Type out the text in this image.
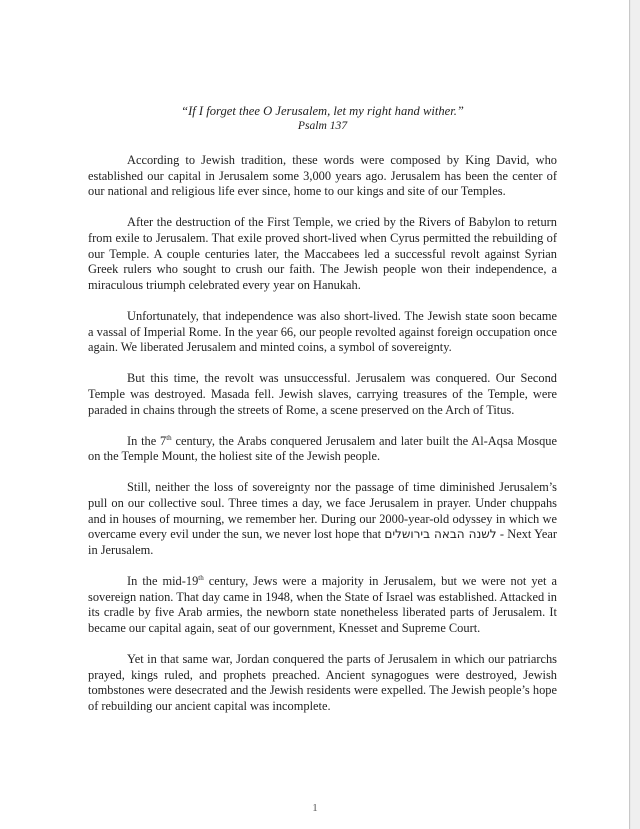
“If I forget thee O Jerusalem, let my right hand wither.”
Psalm 137

According to Jewish tradition, these words were composed by King David, who established our capital in Jerusalem some 3,000 years ago. Jerusalem has been the center of our national and religious life ever since, home to our kings and site of our Temples.

After the destruction of the First Temple, we cried by the Rivers of Babylon to return from exile to Jerusalem. That exile proved short-lived when Cyrus permitted the rebuilding of our Temple. A couple centuries later, the Maccabees led a successful revolt against Syrian Greek rulers who sought to crush our faith. The Jewish people won their independence, a miraculous triumph celebrated every year on Hanukah.

Unfortunately, that independence was also short-lived. The Jewish state soon became a vassal of Imperial Rome. In the year 66, our people revolted against foreign occupation once again. We liberated Jerusalem and minted coins, a symbol of sovereignty.

But this time, the revolt was unsuccessful. Jerusalem was conquered. Our Second Temple was destroyed. Masada fell. Jewish slaves, carrying treasures of the Temple, were paraded in chains through the streets of Rome, a scene preserved on the Arch of Titus.

In the 7th century, the Arabs conquered Jerusalem and later built the Al-Aqsa Mosque on the Temple Mount, the holiest site of the Jewish people.

Still, neither the loss of sovereignty nor the passage of time diminished Jerusalem’s pull on our collective soul. Three times a day, we face Jerusalem in prayer. Under chuppahs and in houses of mourning, we remember her. During our 2000-year-old odyssey in which we overcame every evil under the sun, we never lost hope that לשנה הבאה בירושלים - Next Year in Jerusalem.

In the mid-19th century, Jews were a majority in Jerusalem, but we were not yet a sovereign nation. That day came in 1948, when the State of Israel was established. Attacked in its cradle by five Arab armies, the newborn state nonetheless liberated parts of Jerusalem. It became our capital again, seat of our government, Knesset and Supreme Court.

Yet in that same war, Jordan conquered the parts of Jerusalem in which our patriarchs prayed, kings ruled, and prophets preached. Ancient synagogues were destroyed, Jewish tombstones were desecrated and the Jewish residents were expelled. The Jewish people’s hope of rebuilding our ancient capital was incomplete.

1
